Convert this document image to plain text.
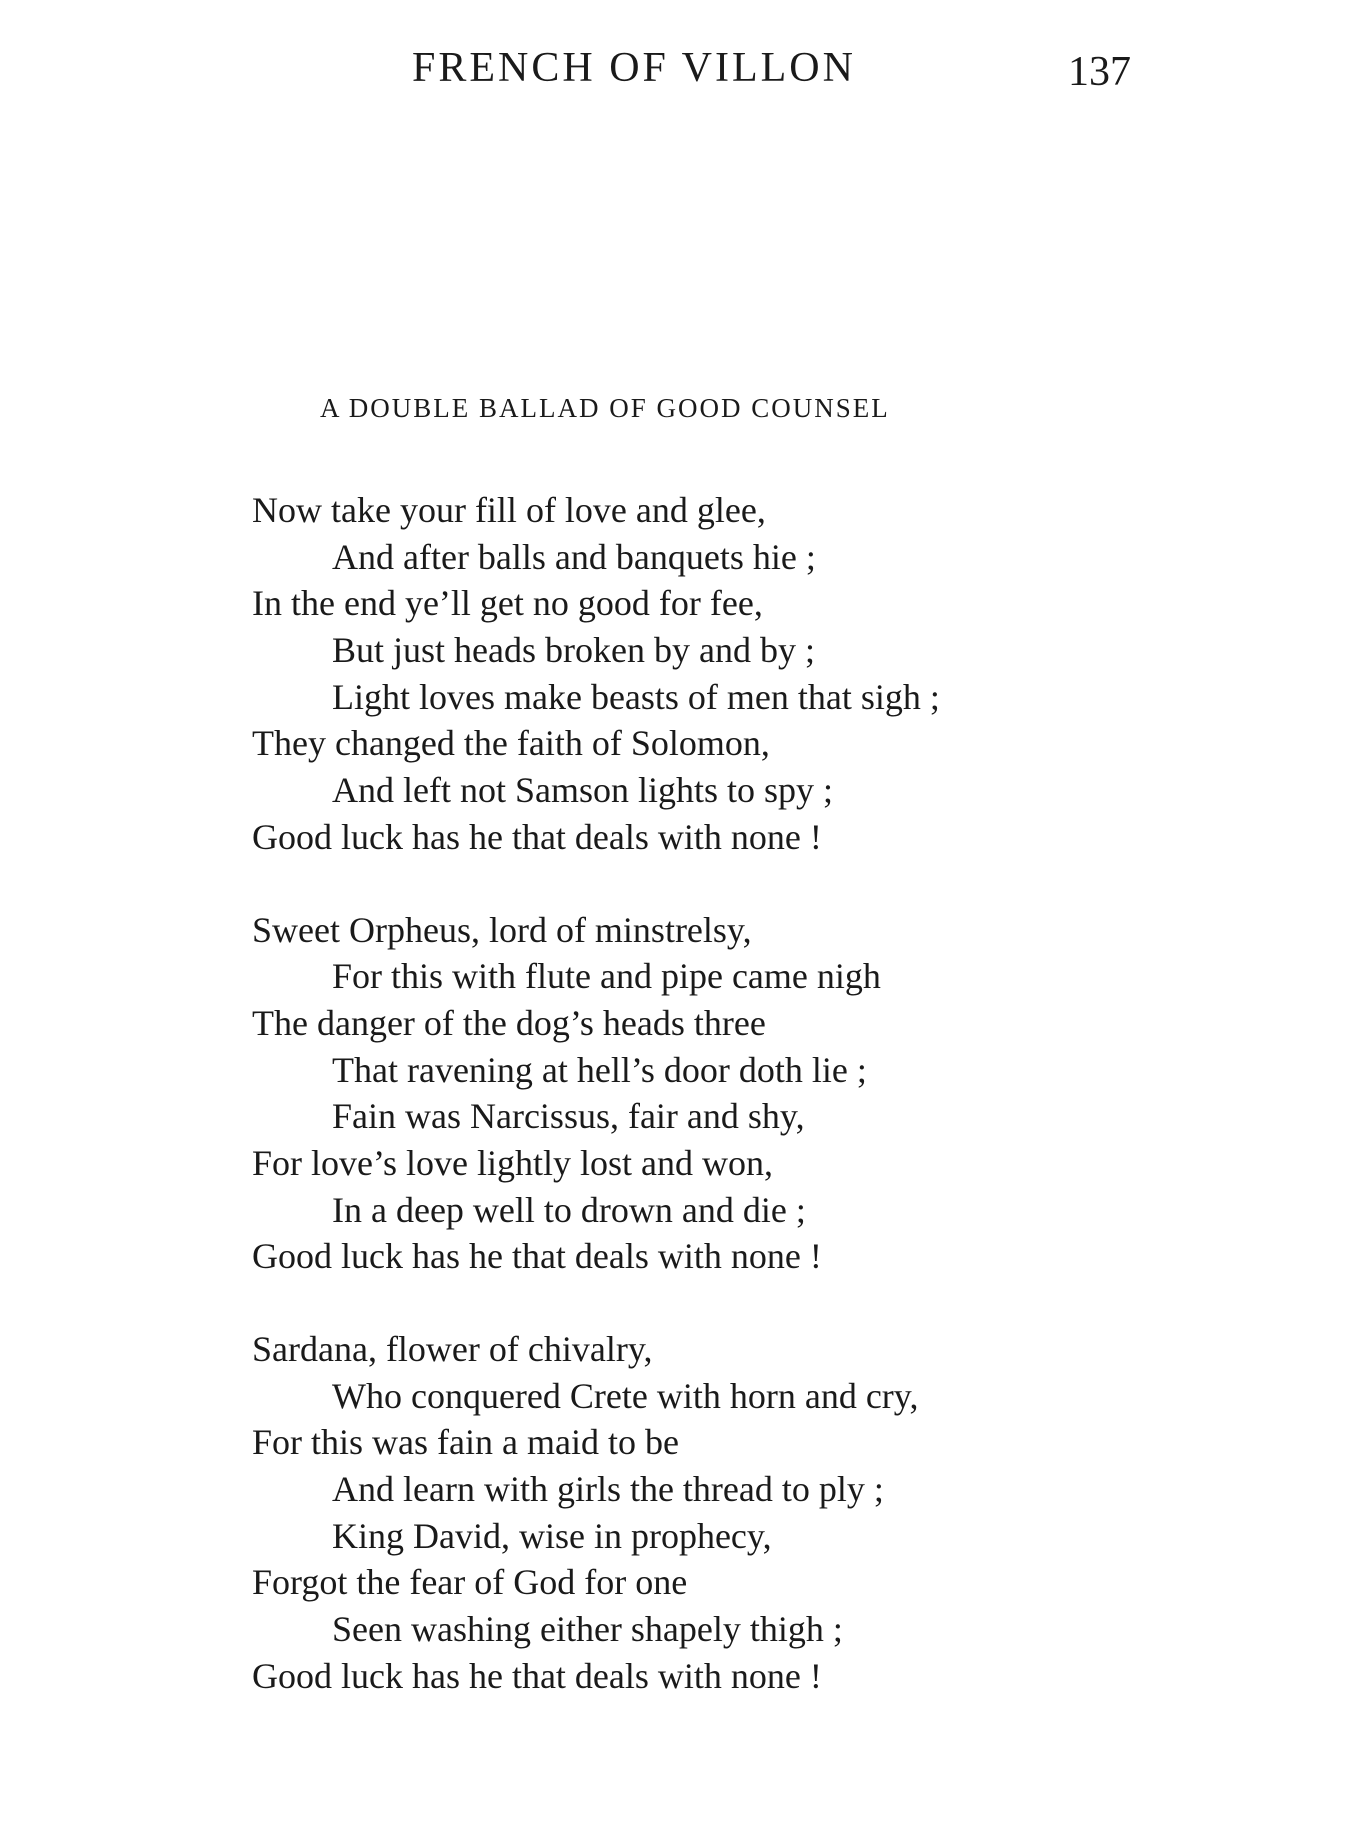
FRENCH OF VILLON	137
A DOUBLE BALLAD OF GOOD COUNSEL
Now take your fill of love and glee,
And after balls and banquets hie ;
In the end ye’ll get no good for fee,
But just heads broken by and by ;
Light loves make beasts of men that sigh ;
They changed the faith of Solomon,
And left not Samson lights to spy ;
Good luck has he that deals with none !
Sweet Orpheus, lord of minstrelsy,
For this with flute and pipe came nigh
The danger of the dog’s heads three
That ravening at hell’s door doth lie ;
Fain was Narcissus, fair and shy,
For love’s love lightly lost and won,
In a deep well to drown and die ;
Good luck has he that deals with none !
Sardana, flower of chivalry,
Who conquered Crete with horn and cry,
For this was fain a maid to be
And learn with girls the thread to ply ;
King David, wise in prophecy,
Forgot the fear of God for one
Seen washing either shapely thigh ;
Good luck has he that deals with none !
